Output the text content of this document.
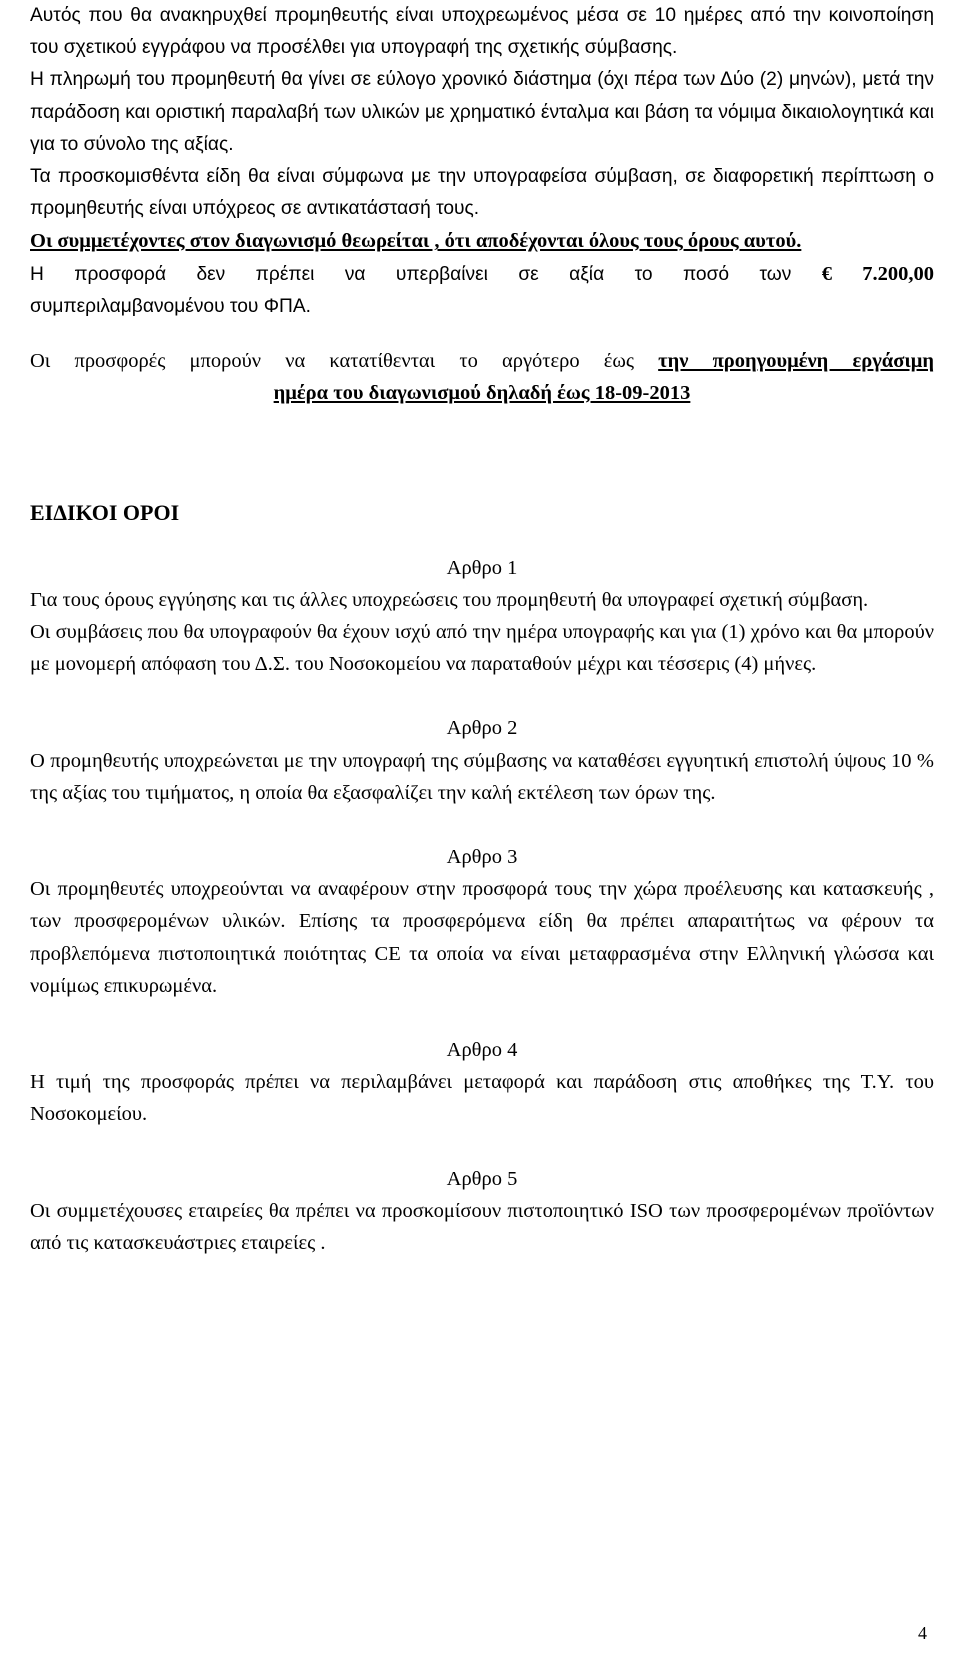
Αυτός που θα ανακηρυχθεί προμηθευτής είναι υποχρεωμένος μέσα σε 10 ημέρες από την κοινοποίηση του σχετικού εγγράφου να προσέλθει για υπογραφή της σχετικής σύμβασης.

Η πληρωμή του προμηθευτή θα γίνει σε εύλογο χρονικό διάστημα (όχι πέρα των Δύο (2) μηνών), μετά την παράδοση και οριστική παραλαβή των υλικών με χρηματικό ένταλμα και βάση τα νόμιμα δικαιολογητικά και για το σύνολο της αξίας.

Τα προσκομισθέντα είδη θα είναι σύμφωνα με την υπογραφείσα σύμβαση, σε διαφορετική περίπτωση ο προμηθευτής είναι υπόχρεος σε αντικατάστασή τους.

Οι συμμετέχοντες στον διαγωνισμό θεωρείται , ότι αποδέχονται όλους τους όρους αυτού.

Η προσφορά δεν πρέπει να υπερβαίνει σε αξία το ποσό των € 7.200,00

συμπεριλαμβανομένου του ΦΠΑ.

Οι προσφορές μπορούν να κατατίθενται το αργότερο έως την προηγουμένη εργάσιμη

ημέρα του διαγωνισμού δηλαδή έως 18-09-2013

ΕΙΔΙΚΟΙ ΟΡΟΙ

Αρθρο 1

Για τους όρους εγγύησης και τις άλλες υποχρεώσεις του προμηθευτή θα υπογραφεί σχετική σύμβαση.

Οι συμβάσεις που θα υπογραφούν θα έχουν ισχύ από την ημέρα υπογραφής και για (1) χρόνο και θα μπορούν με μονομερή απόφαση του Δ.Σ. του Νοσοκομείου να παραταθούν μέχρι και τέσσερις (4) μήνες.

Αρθρο 2

Ο προμηθευτής υποχρεώνεται με την υπογραφή της σύμβασης να καταθέσει εγγυητική επιστολή ύψους 10 % της αξίας του τιμήματος, η οποία θα εξασφαλίζει την καλή εκτέλεση των όρων της.

Αρθρο 3

Οι προμηθευτές υποχρεούνται να αναφέρουν στην προσφορά τους την χώρα προέλευσης και κατασκευής , των προσφερομένων υλικών. Επίσης τα προσφερόμενα είδη θα πρέπει απαραιτήτως να φέρουν τα προβλεπόμενα πιστοποιητικά ποιότητας CE τα οποία να είναι μεταφρασμένα στην Ελληνική γλώσσα και νομίμως επικυρωμένα.

Αρθρο 4

Η τιμή της προσφοράς πρέπει να περιλαμβάνει μεταφορά και παράδοση στις αποθήκες της Τ.Υ. του Νοσοκομείου.

Αρθρο 5

Οι συμμετέχουσες εταιρείες θα πρέπει να προσκομίσουν πιστοποιητικό ISO των προσφερομένων προϊόντων από τις κατασκευάστριες εταιρείες .

4
